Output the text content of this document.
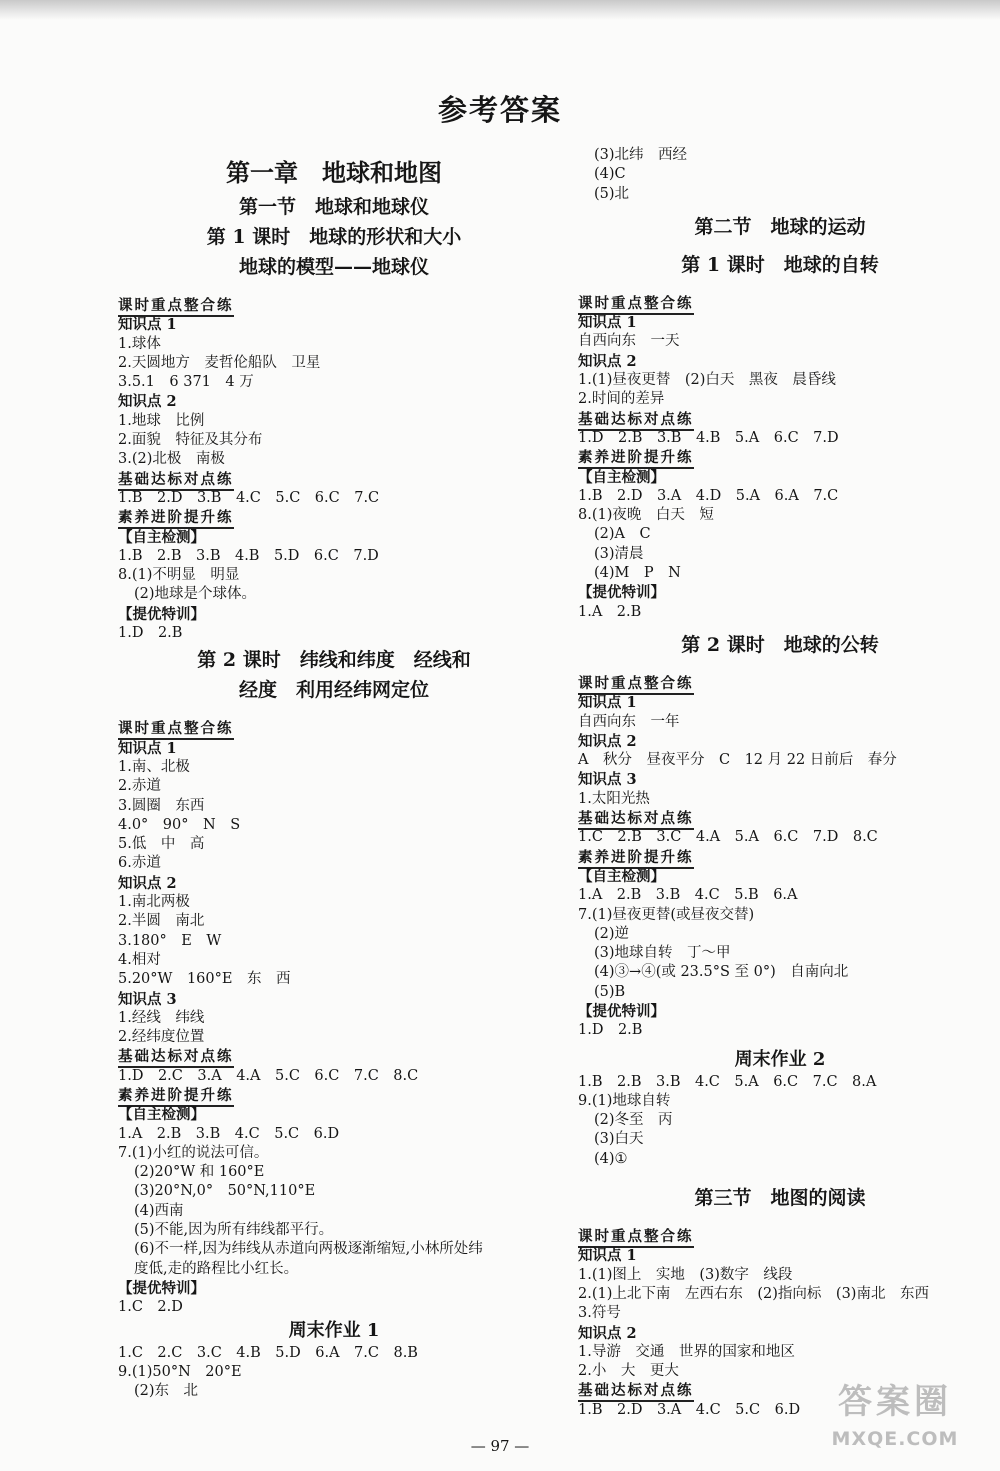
参考答案
第一章　地球和地图
第一节　地球和地球仪
第 1 课时　地球的形状和大小
地球的模型——地球仪
课时重点整合练
知识点 1
1.球体
2.天圆地方　麦哲伦船队　卫星
3.5.1　6 371　4 万
知识点 2
1.地球　比例
2.面貌　特征及其分布
3.(2)北极　南极
基础达标对点练
1.B　2.D　3.B　4.C　5.C　6.C　7.C
素养进阶提升练
【自主检测】
1.B　2.B　3.B　4.B　5.D　6.C　7.D
8.(1)不明显　明显
(2)地球是个球体。
【提优特训】
1.D　2.B
第 2 课时　纬线和纬度　经线和
经度　利用经纬网定位
课时重点整合练
知识点 1
1.南、北极
2.赤道
3.圆圈　东西
4.0°　90°　N　S
5.低　中　高
6.赤道
知识点 2
1.南北两极
2.半圆　南北
3.180°　E　W
4.相对
5.20°W　160°E　东　西
知识点 3
1.经线　纬线
2.经纬度位置
基础达标对点练
1.D　2.C　3.A　4.A　5.C　6.C　7.C　8.C
素养进阶提升练
【自主检测】
1.A　2.B　3.B　4.C　5.C　6.D
7.(1)小红的说法可信。
(2)20°W 和 160°E
(3)20°N,0°　50°N,110°E
(4)西南
(5)不能,因为所有纬线都平行。
(6)不一样,因为纬线从赤道向两极逐渐缩短,小林所处纬
度低,走的路程比小红长。
【提优特训】
1.C　2.D
周末作业 1
1.C　2.C　3.C　4.B　5.D　6.A　7.C　8.B
9.(1)50°N　20°E
(2)东　北
(3)北纬　西经
(4)C
(5)北
第二节　地球的运动
第 1 课时　地球的自转
课时重点整合练
知识点 1
自西向东　一天
知识点 2
1.(1)昼夜更替　(2)白天　黑夜　晨昏线
2.时间的差异
基础达标对点练
1.D　2.B　3.B　4.B　5.A　6.C　7.D
素养进阶提升练
【自主检测】
1.B　2.D　3.A　4.D　5.A　6.A　7.C
8.(1)夜晚　白天　短
(2)A　C
(3)清晨
(4)M　P　N
【提优特训】
1.A　2.B
第 2 课时　地球的公转
课时重点整合练
知识点 1
自西向东　一年
知识点 2
A　秋分　昼夜平分　C　12 月 22 日前后　春分
知识点 3
1.太阳光热
基础达标对点练
1.C　2.B　3.C　4.A　5.A　6.C　7.D　8.C
素养进阶提升练
【自主检测】
1.A　2.B　3.B　4.C　5.B　6.A
7.(1)昼夜更替(或昼夜交替)
(2)逆
(3)地球自转　丁～甲
(4)③→④(或 23.5°S 至 0°)　自南向北
(5)B
【提优特训】
1.D　2.B
周末作业 2
1.B　2.B　3.B　4.C　5.A　6.C　7.C　8.A
9.(1)地球自转
(2)冬至　丙
(3)白天
(4)①
第三节　地图的阅读
课时重点整合练
知识点 1
1.(1)图上　实地　(3)数字　线段
2.(1)上北下南　左西右东　(2)指向标　(3)南北　东西
3.符号
知识点 2
1.导游　交通　世界的国家和地区
2.小　大　更大
基础达标对点练
1.B　2.D　3.A　4.C　5.C　6.D
— 97 —
答案圈
MXQE.COM
